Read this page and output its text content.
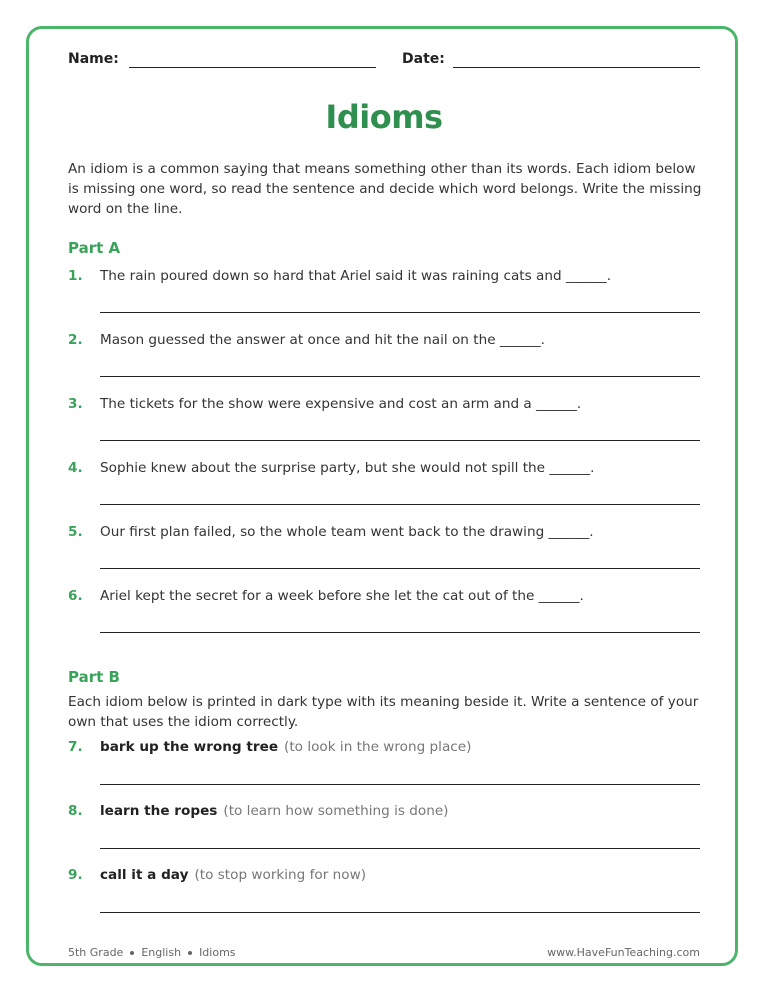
Name:	Date:
Idioms
An idiom is a common saying that means something other than its words. Each idiom below is missing one word, so read the sentence and decide which word belongs. Write the missing word on the line.
Part A
1. The rain poured down so hard that Ariel said it was raining cats and ______.
2. Mason guessed the answer at once and hit the nail on the ______.
3. The tickets for the show were expensive and cost an arm and a ______.
4. Sophie knew about the surprise party, but she would not spill the ______.
5. Our first plan failed, so the whole team went back to the drawing ______.
6. Ariel kept the secret for a week before she let the cat out of the ______.
Part B
Each idiom below is printed in dark type with its meaning beside it. Write a sentence of your own that uses the idiom correctly.
7. bark up the wrong tree (to look in the wrong place)
8. learn the ropes (to learn how something is done)
9. call it a day (to stop working for now)
5th Grade English Idioms	www.HaveFunTeaching.com
